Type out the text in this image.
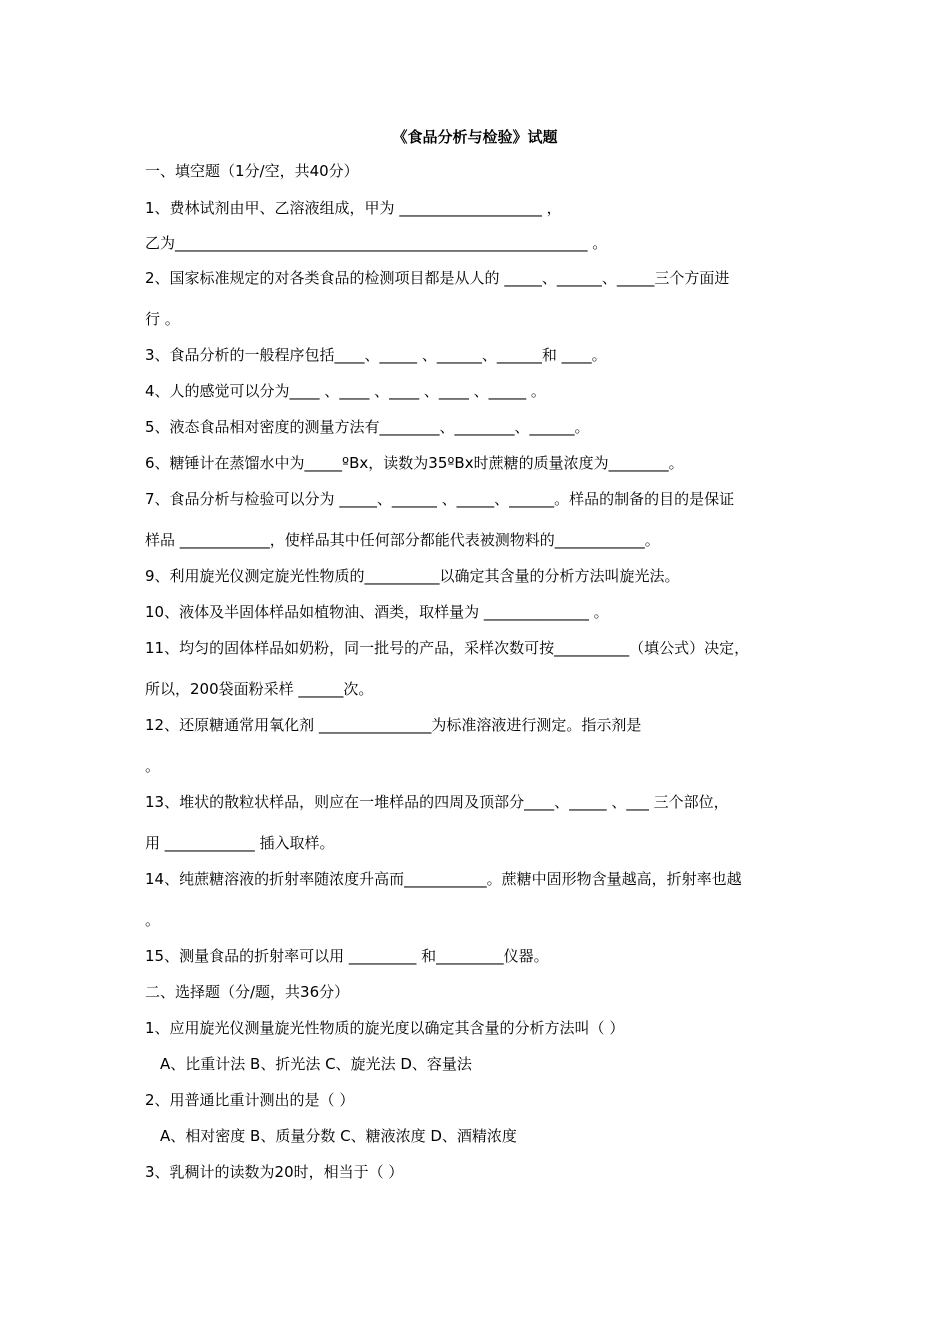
《食品分析与检验》试题
一、填空题（1分/空，共40分）
1、费林试剂由甲、乙溶液组成，甲为 ___________________ ，
乙为_______________________________________________________ 。
2、国家标准规定的对各类食品的检测项目都是从人的 _____、______、_____三个方面进
行 。
3、食品分析的一般程序包括____、_____ 、______、______和 ____。
4、人的感觉可以分为____ 、____ 、____ 、____ 、_____ 。
5、液态食品相对密度的测量方法有________、________、______。
6、糖锤计在蒸馏水中为_____ºBx，读数为35ºBx时蔗糖的质量浓度为________。
7、食品分析与检验可以分为 _____、______ 、_____、______。样品的制备的目的是保证
样品 ____________，使样品其中任何部分都能代表被测物料的____________。
9、利用旋光仪测定旋光性物质的__________以确定其含量的分析方法叫旋光法。
10、液体及半固体样品如植物油、酒类，取样量为 ______________ 。
11、均匀的固体样品如奶粉，同一批号的产品，采样次数可按__________（填公式）决定，
所以，200袋面粉采样 ______次。
12、还原糖通常用氧化剂 _______________为标准溶液进行测定。指示剂是
。
13、堆状的散粒状样品，则应在一堆样品的四周及顶部分____、_____ 、___ 三个部位，
用 ____________ 插入取样。
14、纯蔗糖溶液的折射率随浓度升高而___________。蔗糖中固形物含量越高，折射率也越
。
15、测量食品的折射率可以用 _________ 和_________仪器。
二、选择题（分/题，共36分）
1、应用旋光仪测量旋光性物质的旋光度以确定其含量的分析方法叫（ ）
A、比重计法 B、折光法 C、旋光法 D、容量法
2、用普通比重计测出的是（ ）
A、相对密度 B、质量分数 C、糖液浓度 D、酒精浓度
3、乳稠计的读数为20时，相当于（ ）
